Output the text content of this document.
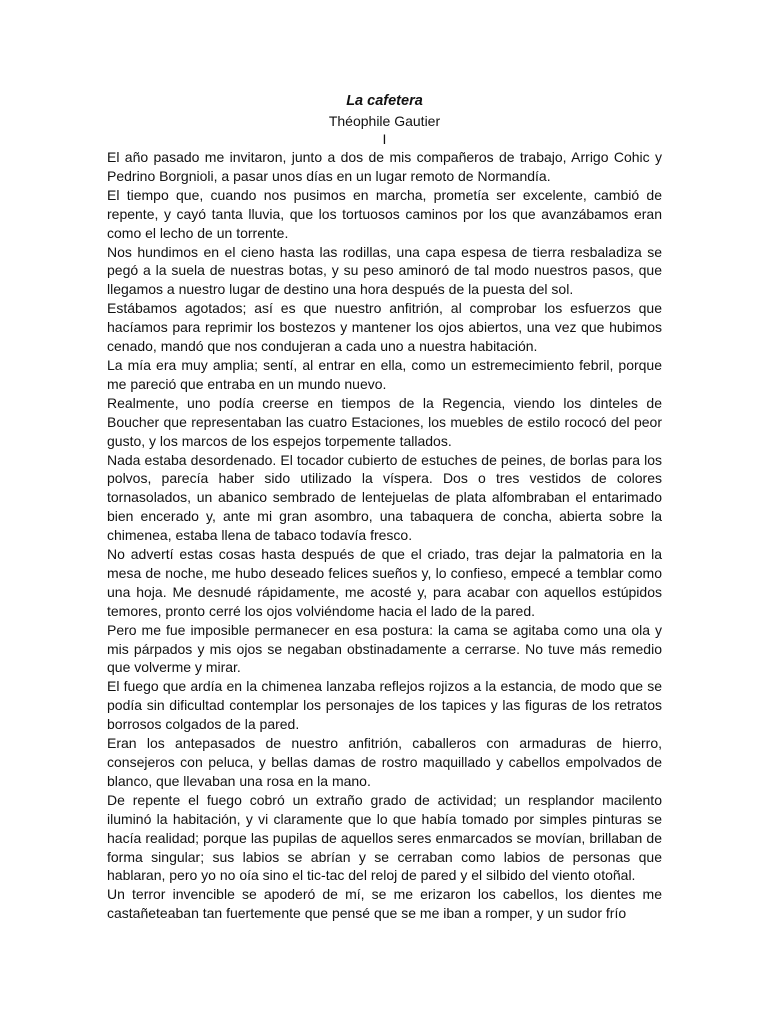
La cafetera
Théophile Gautier
I

El año pasado me invitaron, junto a dos de mis compañeros de trabajo, Arrigo Cohic y Pedrino Borgnioli, a pasar unos días en un lugar remoto de Normandía.

El tiempo que, cuando nos pusimos en marcha, prometía ser excelente, cambió de repente, y cayó tanta lluvia, que los tortuosos caminos por los que avanzábamos eran como el lecho de un torrente.

Nos hundimos en el cieno hasta las rodillas, una capa espesa de tierra resbaladiza se pegó a la suela de nuestras botas, y su peso aminoró de tal modo nuestros pasos, que llegamos a nuestro lugar de destino una hora después de la puesta del sol.

Estábamos agotados; así es que nuestro anfitrión, al comprobar los esfuerzos que hacíamos para reprimir los bostezos y mantener los ojos abiertos, una vez que hubimos cenado, mandó que nos condujeran a cada uno a nuestra habitación.

La mía era muy amplia; sentí, al entrar en ella, como un estremecimiento febril, porque me pareció que entraba en un mundo nuevo.

Realmente, uno podía creerse en tiempos de la Regencia, viendo los dinteles de Boucher que representaban las cuatro Estaciones, los muebles de estilo rococó del peor gusto, y los marcos de los espejos torpemente tallados.

Nada estaba desordenado. El tocador cubierto de estuches de peines, de borlas para los polvos, parecía haber sido utilizado la víspera. Dos o tres vestidos de colores tornasolados, un abanico sembrado de lentejuelas de plata alfombraban el entarimado bien encerado y, ante mi gran asombro, una tabaquera de concha, abierta sobre la chimenea, estaba llena de tabaco todavía fresco.

No advertí estas cosas hasta después de que el criado, tras dejar la palmatoria en la mesa de noche, me hubo deseado felices sueños y, lo confieso, empecé a temblar como una hoja. Me desnudé rápidamente, me acosté y, para acabar con aquellos estúpidos temores, pronto cerré los ojos volviéndome hacia el lado de la pared.

Pero me fue imposible permanecer en esa postura: la cama se agitaba como una ola y mis párpados y mis ojos se negaban obstinadamente a cerrarse. No tuve más remedio que volverme y mirar.

El fuego que ardía en la chimenea lanzaba reflejos rojizos a la estancia, de modo que se podía sin dificultad contemplar los personajes de los tapices y las figuras de los retratos borrosos colgados de la pared.

Eran los antepasados de nuestro anfitrión, caballeros con armaduras de hierro, consejeros con peluca, y bellas damas de rostro maquillado y cabellos empolvados de blanco, que llevaban una rosa en la mano.

De repente el fuego cobró un extraño grado de actividad; un resplandor macilento iluminó la habitación, y vi claramente que lo que había tomado por simples pinturas se hacía realidad; porque las pupilas de aquellos seres enmarcados se movían, brillaban de forma singular; sus labios se abrían y se cerraban como labios de personas que hablaran, pero yo no oía sino el tic-tac del reloj de pared y el silbido del viento otoñal.

Un terror invencible se apoderó de mí, se me erizaron los cabellos, los dientes me castañeteaban tan fuertemente que pensé que se me iban a romper, y un sudor frío
